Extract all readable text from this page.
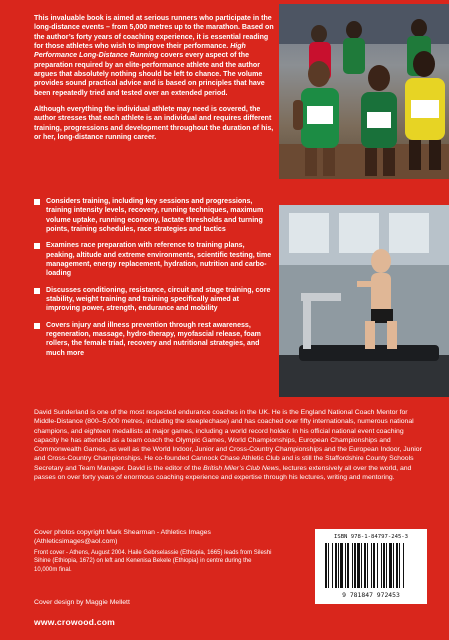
This invaluable book is aimed at serious runners who participate in the long-distance events – from 5,000 metres up to the marathon. Based on the author’s forty years of coaching experience, it is essential reading for those athletes who wish to improve their performance. High Performance Long-Distance Running covers every aspect of the preparation required by an elite-performance athlete and the author argues that absolutely nothing should be left to chance. The volume provides sound practical advice and is based on principles that have been repeatedly tried and tested over an extended period.

Although everything the individual athlete may need is covered, the author stresses that each athlete is an individual and requires different training, progressions and development throughout the duration of his, or her, long-distance running career.

Considers training, including key sessions and progressions, training intensity levels, recovery, running techniques, maximum volume uptake, running economy, lactate thresholds and turning points, training schedules, race strategies and tactics
Examines race preparation with reference to training plans, peaking, altitude and extreme environments, scientific testing, time management, energy replacement, hydration, nutrition and carbo-loading
Discusses conditioning, resistance, circuit and stage training, core stability, weight training and training specifically aimed at improving power, strength, endurance and mobility
Covers injury and illness prevention through rest awareness, regeneration, massage, hydro-therapy, myofascial release, foam rollers, the female triad, recovery and nutritional strategies, and much more
David Sunderland is one of the most respected endurance coaches in the UK. He is the England National Coach Mentor for Middle-Distance (800–5,000 metres, including the steeplechase) and has coached over fifty internationals, numerous national champions, and eighteen medallists at major games, including a world record holder. In his official national event coaching capacity he has attended as a team coach the Olympic Games, World Championships, European Championships and Commonwealth Games, as well as the World Indoor, Junior and Cross-Country Championships and the European Indoor, Junior and Cross-Country Championships. He co-founded Cannock Chase Athletic Club and is still the Staffordshire County Schools Secretary and Team Manager. David is the editor of the British Miler’s Club News, lectures extensively all over the world, and passes on over forty years of enormous coaching experience and expertise through his lectures, writing and mentoring.
Cover photos copyright Mark Shearman - Athletics Images (Athleticsimages@aol.com)
Front cover - Athens, August 2004. Haile Gebrselassie (Ethiopia, 1665) leads from Sileshi Sihine (Ethiopia, 1672) on left and Kenenisa Bekele (Ethiopia) in centre during the 10,000m final.
Cover design by Maggie Mellett
www.crowood.com
ISBN 978-1-84797-245-3
9 781847 972453
